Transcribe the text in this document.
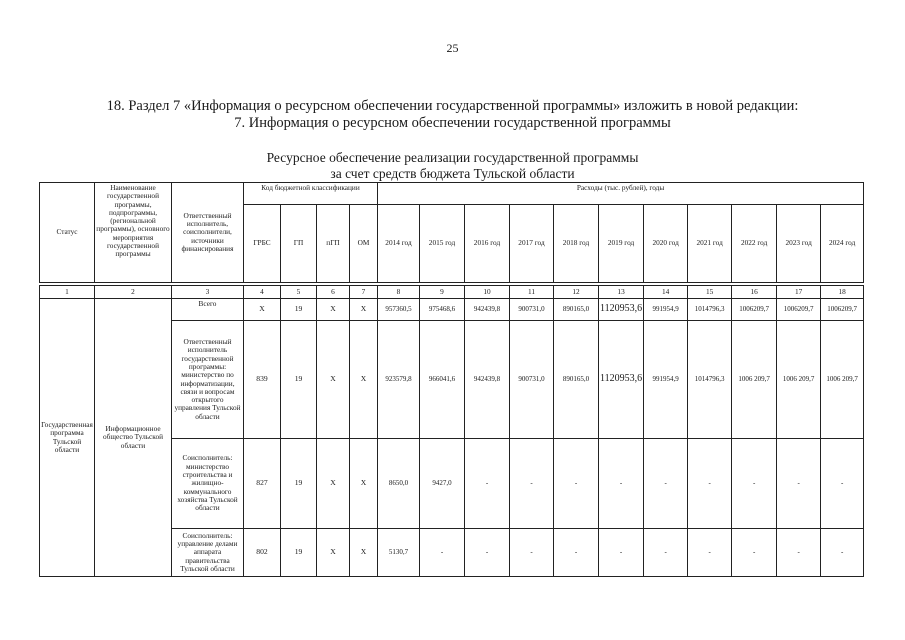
25
18. Раздел 7 «Информация о ресурсном обеспечении государственной программы» изложить в новой редакции:
7. Информация о ресурсном обеспечении государственной программы
Ресурсное обеспечение реализации государственной программы
за счет средств бюджета Тульской области
Статус	Наименование государственной программы, подпрограммы, (региональной программы), основного мероприятия государственной программы	Ответственный исполнитель, соисполнители, источники финансирования	Код бюджетной классификации				Расходы (тыс. рублей), годы										
			ГРБС	ГП	пГП	ОМ	2014 год	2015 год	2016 год	2017 год	2018 год	2019 год	2020 год	2021 год	2022 год	2023 год	2024 год

1	2	3	4	5	6	7	8	9	10	11	12	13	14	15	16	17	18
Государственная программа Тульской области	Информационное общество Тульской области	Всего	X	19	X	X	957360,5	975468,6	942439,8	900731,0	890165,0	1120953,6	991954,9	1014796,3	1006209,7	1006209,7	1006209,7
		Ответственный исполнитель государственной программы: министерство по информатизации, связи и вопросам открытого управления Тульской области	839	19	X	X	923579,8	966041,6	942439,8	900731,0	890165,0	1120953,6	991954,9	1014796,3	1006 209,7	1006 209,7	1006 209,7
		Соисполнитель: министерство строительства и жилищно-коммунального хозяйства Тульской области	827	19	X	X	8650,0	9427,0	-	-	-	-	-	-	-	-	-
		Соисполнитель: управление делами аппарата правительства Тульской области	802	19	X	X	5130,7	-	-	-	-	-	-	-	-	-	-
